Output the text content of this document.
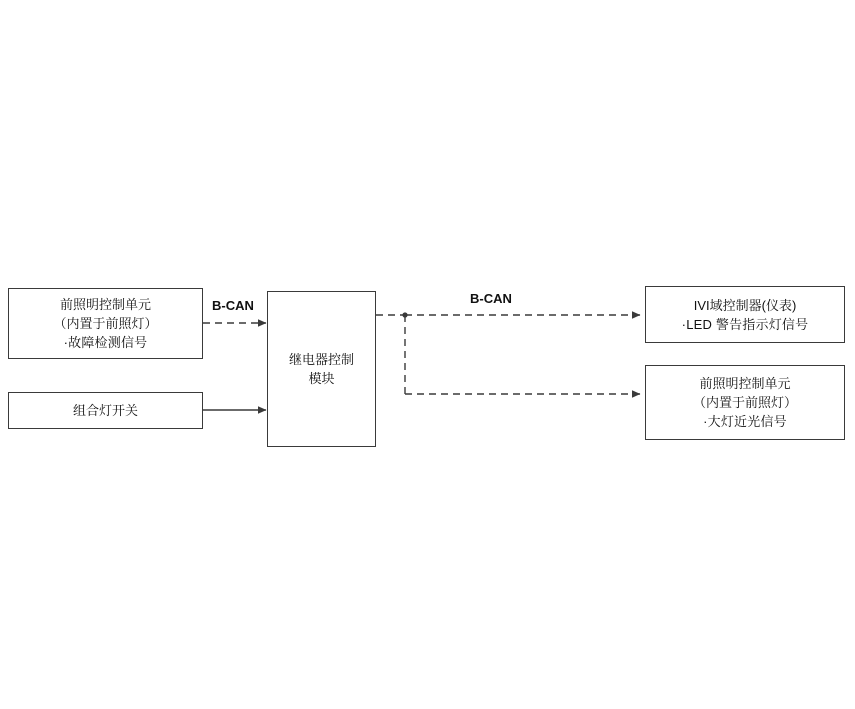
前照明控制单元
（内置于前照灯）
·故障检测信号
继电器控制
模块
组合灯开关
IVI域控制器(仪表)
·LED 警告指示灯信号
前照明控制单元
（内置于前照灯）
·大灯近光信号
B-CAN	B-CAN
